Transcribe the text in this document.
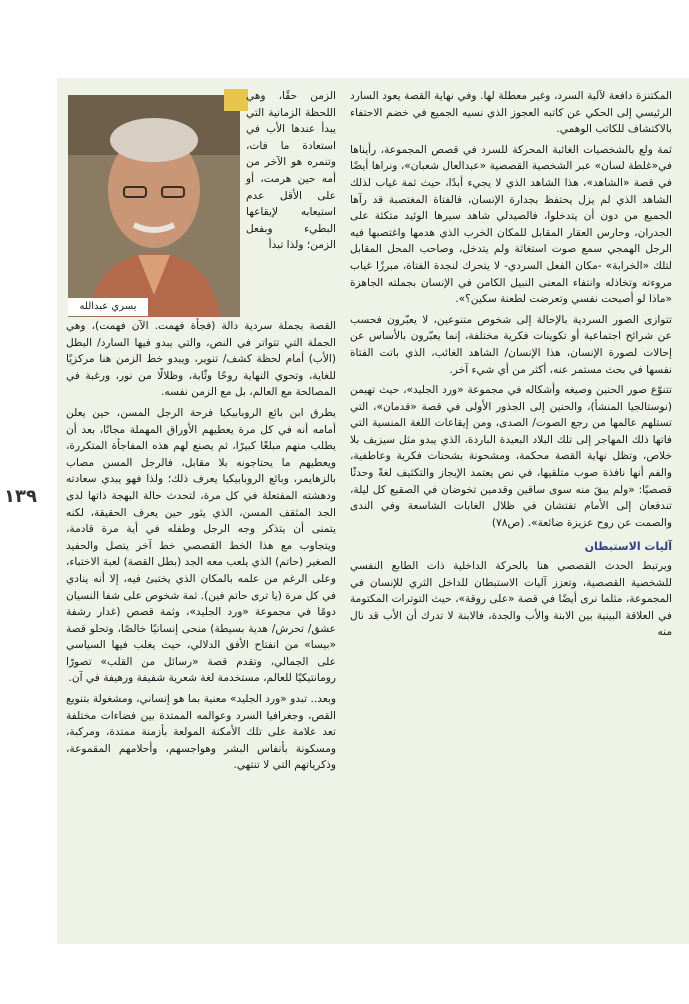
يسري عبدالله

المكتنزة دافعة لآلية السرد، وغير معطلة لها. وفي نهاية القصة يعود السارد الرئيسي إلى الحكي عن كاتبه العجوز الذي نسيه الجميع في خضم الاحتفاء بالاكتشاف للكاتب الوهمي.

ثمة ولع بالشخصيات الغائبة المحركة للسرد في قصص المجموعة، رأيناها في«غلطة لسان» عبر الشخصية القصصية «عبدالعال شعبان»، ونراها أيضًا في قصة «الشاهد»، هذا الشاهد الذي لا يجيء أبدًا، حيث ثمة غياب لذلك الشاهد الذي لم يزل يحتفظ بجدارة الإنسان، فالفتاة المغتصبة قد رآها الجميع من دون أن يتدخلوا، فالصيدلي شاهد سيرها الوئيد متكئة على الجدران، وحارس العقار المقابل للمكان الخرب الذي هدمها واغتصبها فيه الرجل الهمجي سمع صوت استغاثة ولم يتدخل، وصاحب المحل المقابل لتلك «الخرابة» -مكان الفعل السردي- لا يتحرك لنجدة الفتاة، مبرزًا غياب مروءته وتخاذله وانتفاء المعنى النبيل الكامن في الإنسان بجملته الجاهزة «ماذا لو أصبحت نفسي وتعرضت لطعنة سكين؟».

تتوازى الصور السردية بالإحالة إلى شخوص متنوعين، لا يعبّرون فحسب عن شرائح اجتماعية أو تكوينات فكرية مختلفة، إنما يعبّرون بالأساس عن إحالات لصورة الإنسان، هذا الإنسان/ الشاهد الغائب، الذي باتت الفتاة نفسها في بحث مستمر عنه، أكثر من أي شيء آخر.

تتنوّع صور الحنين وصيغه وأشكاله في مجموعة «ورد الجليد»، حيث تهيمن (نوستالجيا المنشأ)، والحنين إلى الجذور الأولى في قصة «قدمان»، التي تستلهم عالمها من رجع الصوت/ الصدى، ومن إيقاعات اللغة المنسية التي فاتها ذلك المهاجر إلى تلك البلاد البعيدة الباردة، الذي يبدو مثل سيزيف بلا خلاص، وتظل نهاية القصة محكمة، ومشحونة بشحنات فكرية وعاطفية، والفم أنها نافذة صوب متلقيها، في نص يعتمد الإيجاز والتكثيف لغةً وحدثًا قصصيًا: «ولم يبقَ منه سوى ساقين وقدمين تخوضان في الصقيع كل ليلة، تندفعان إلى الأمام تفتشان في ظلال الغابات الشاسعة وفي الندى والصمت عن روح عزيزة ضائعة». (ص٧٨)

آليات الاستبطان

ويرتبط الحدث القصصي هنا بالحركة الداخلية ذات الطابع النفسي للشخصية القصصية، وتعزز آليات الاستبطان للداخل الثري للإنسان في المجموعة، مثلما نرى أيضًا في قصة «على روقة»، حيث التوترات المكتومة في العلاقة البينية بين الابنة والأب والجدة، فالابنة لا تدرك أن الأب قد نال منه

الزمن حقًا، وهي اللحظة الزمانية التي يبدأ عندها الأب في استعادة ما فات، وتنمره هو الآخر من أمه حين هرمت، أو على الأقل عدم استيعابه لإيقاعها البطيء وبفعل الزمن؛ ولذا تبدأ

القصة بجملة سردية دالة (فجأة فهمت. الآن فهمت)، وهي الجملة التي تتواتر في النص، والتي يبدو فيها السارد/ البطل (الأب) أمام لحظة كشف/ تنوير، ويبدو خط الزمن هنا مركزيًا للغاية، وتحوي النهاية روحًا وثّابة، وظلالًا من نور، ورغبة في المصالحة مع العالم، بل مع الزمن نفسه.

يطرق ابن بائع الروبابيكيا فرحة الرجل المسن، حين يعلن أمامه أنه في كل مرة يعطيهم الأوراق المهملة مجانًا، بعد أن يطلب منهم مبلغًا كبيرًا، ثم يصنع لهم هذه المفاجأة المتكررة، ويعطيهم ما يحتاجونه بلا مقابل، فالرجل المسن مصاب بالزهايمر، وبائع الروبابيكيا يعرف ذلك؛ ولذا فهو يبدي سعادته ودهشته المفتعلة في كل مرة، لتحدث حالة البهجة ذاتها لدى الجد المثقف المسن، الذي يثور حين يعرف الحقيقة، لكنه يتمنى أن يتذكر وجه الرجل وطفله في أية مرة قادمة، ويتجاوب مع هذا الخط القصصي خط آخر يتصل والحفيد الصغير (حاتم) الذي يلعب معه الجد (بطل القصة) لعبة الاختباء، وعلى الرغم من علمه بالمكان الذي يختبئ فيه، إلا أنه ينادي في كل مرة (يا ترى حاتم فين). ثمة شخوص على شفا النسيان دومًا في مجموعة «ورد الجليد»، وثمة قصص (غدار رشفة عشق/ تحرش/ هدية بسيطة) منحى إنسانيًا خالصًا، وتحلو قصة «بيسا» من انفتاح الأفق الدلالي، حيث يغلب فيها السياسي على الجمالي، وتقدم قصة «رسائل من القلب» تصورًا رومانتيكيًا للعالم، مستخدمة لغة شعرية شفيفة ورهيفة في آن.

وبعد.. تبدو «ورد الجليد» معنية بما هو إنساني، ومشغولة بتنويع القص، وجغرافيا السرد وعوالمه الممتدة بين فضاءات مختلفة تعد علامة على تلك الأمكنة المولعة بأزمنة ممتدة، ومركبة، ومسكونة بأنفاس البشر وهواجسهم، وأحلامهم المقموعة، وذكرياتهم التي لا تنتهي.

١٣٩
